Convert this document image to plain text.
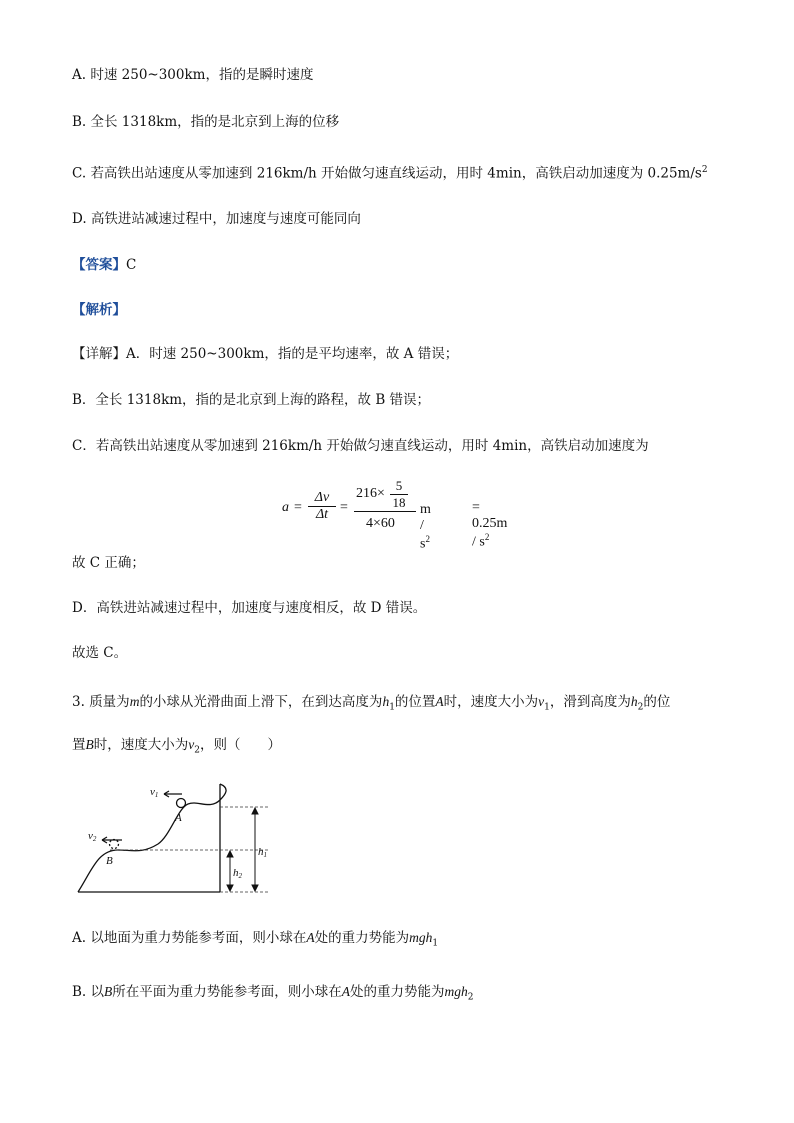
A. 时速 250~300km，指的是瞬时速度
B. 全长 1318km，指的是北京到上海的位移
C. 若高铁出站速度从零加速到 216km/h 开始做匀速直线运动，用时 4min，高铁启动加速度为 $0.25m/s^2$
D. 高铁进站减速过程中，加速度与速度可能同向
【答案】C
【解析】
【详解】A．时速 250~300km，指的是平均速率，故 A 错误；
B．全长 1318km，指的是北京到上海的路程，故 B 错误；
C．若高铁出站速度从零加速到 216km/h 开始做匀速直线运动，用时 4min，高铁启动加速度为
$a = \frac{\Delta v}{\Delta t}$ =
$216\times \frac{5}{18}$
4×60
m / $s^2$
= $0.25m / s^2$
故 C 正确；
D．高铁进站减速过程中，加速度与速度相反，故 D 错误。
故选 C。
3. 质量为m的小球从光滑曲面上滑下，在到达高度为$h_1$的位置A时，速度大小为$v_1$，滑到高度为$h_2$的位
置B时，速度大小为$v_2$，则（　　）
v1
v2
A
B
h1
h2
A. 以地面为重力势能参考面，则小球在A处的重力势能为mgh$_1$
B. 以B所在平面为重力势能参考面，则小球在A处的重力势能为mgh$_2$
